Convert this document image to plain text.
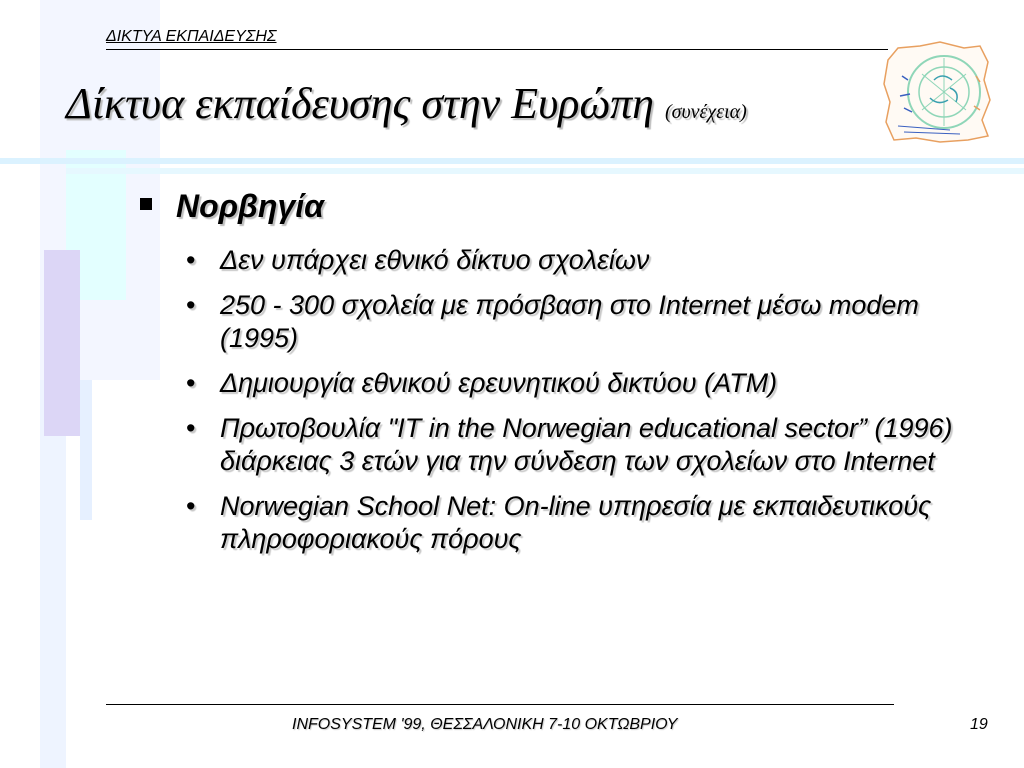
ΔΙΚΤΥΑ ΕΚΠΑΙΔΕΥΣΗΣ
Δίκτυα εκπαίδευσης στην Ευρώπη (συνέχεια)
Νορβηγία
• Δεν υπάρχει εθνικό δίκτυο σχολείων
• 250 - 300 σχολεία με πρόσβαση στο Internet μέσω modem (1995)
• Δημιουργία εθνικού ερευνητικού δικτύου (ATM)
• Πρωτοβουλία "IT in the Norwegian educational sector” (1996) διάρκειας 3 ετών για την σύνδεση των σχολείων στο Internet
• Norwegian School Net: On-line υπηρεσία με εκπαιδευτικούς πληροφοριακούς πόρους
INFOSYSTEM '99, ΘΕΣΣΑΛΟΝΙΚΗ 7-10 ΟΚΤΩΒΡΙΟΥ	19
